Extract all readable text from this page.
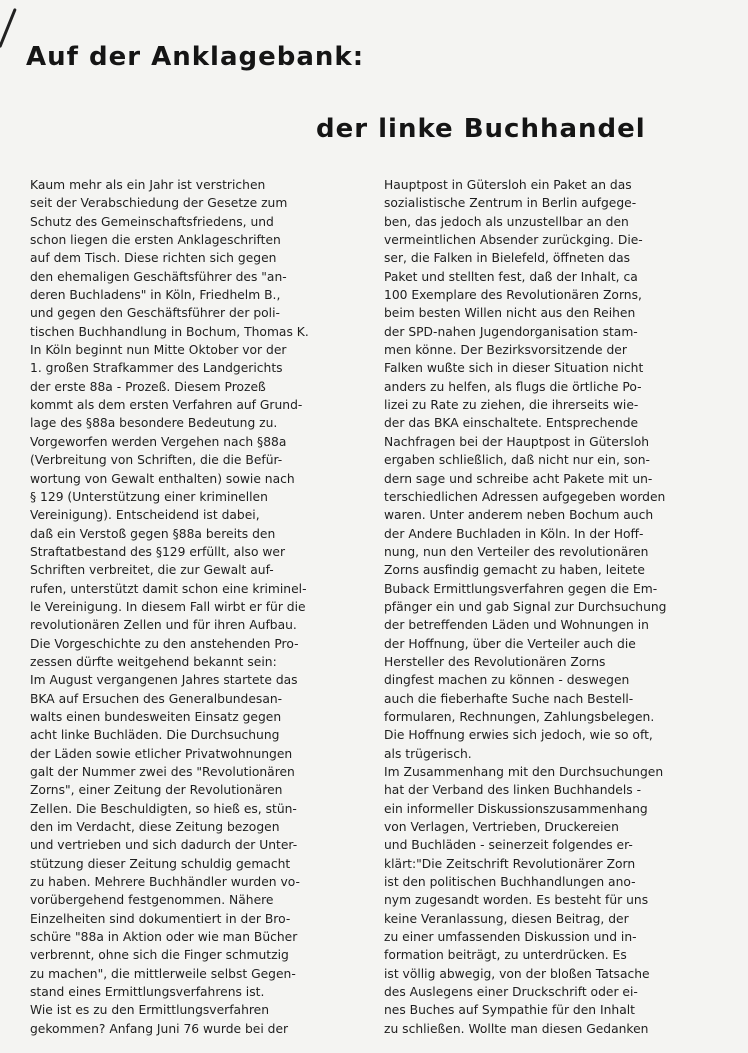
Auf der Anklagebank:
der linke Buchhandel
Kaum mehr als ein Jahr ist verstrichen
seit der Verabschiedung der Gesetze zum
Schutz des Gemeinschaftsfriedens, und
schon liegen die ersten Anklageschriften
auf dem Tisch. Diese richten sich gegen
den ehemaligen Geschäftsführer des "an-
deren Buchladens" in Köln, Friedhelm B.,
und gegen den Geschäftsführer der poli-
tischen Buchhandlung in Bochum, Thomas K.
In Köln beginnt nun Mitte Oktober vor der
1. großen Strafkammer des Landgerichts
der erste 88a - Prozeß. Diesem Prozeß
kommt als dem ersten Verfahren auf Grund-
lage des §88a besondere Bedeutung zu.
Vorgeworfen werden Vergehen nach §88a
(Verbreitung von Schriften, die die Befür-
wortung von Gewalt enthalten) sowie nach
§ 129 (Unterstützung einer kriminellen
Vereinigung). Entscheidend ist dabei,
daß ein Verstoß gegen §88a bereits den
Straftatbestand des §129 erfüllt, also wer
Schriften verbreitet, die zur Gewalt auf-
rufen, unterstützt damit schon eine kriminel-
le Vereinigung. In diesem Fall wirbt er für die
revolutionären Zellen und für ihren Aufbau.
Die Vorgeschichte zu den anstehenden Pro-
zessen dürfte weitgehend bekannt sein:
Im August vergangenen Jahres startete das
BKA auf Ersuchen des Generalbundesan-
walts einen bundesweiten Einsatz gegen
acht linke Buchläden. Die Durchsuchung
der Läden sowie etlicher Privatwohnungen
galt der Nummer zwei des "Revolutionären
Zorns", einer Zeitung der Revolutionären
Zellen. Die Beschuldigten, so hieß es, stün-
den im Verdacht, diese Zeitung bezogen
und vertrieben und sich dadurch der Unter-
stützung dieser Zeitung schuldig gemacht
zu haben. Mehrere Buchhändler wurden vo-
vorübergehend festgenommen. Nähere
Einzelheiten sind dokumentiert in der Bro-
schüre "88a in Aktion oder wie man Bücher
verbrennt, ohne sich die Finger schmutzig
zu machen", die mittlerweile selbst Gegen-
stand eines Ermittlungsverfahrens ist.
Wie ist es zu den Ermittlungsverfahren
gekommen? Anfang Juni 76 wurde bei der
Hauptpost in Gütersloh ein Paket an das
sozialistische Zentrum in Berlin aufgege-
ben, das jedoch als unzustellbar an den
vermeintlichen Absender zurückging. Die-
ser, die Falken in Bielefeld, öffneten das
Paket und stellten fest, daß der Inhalt, ca
100 Exemplare des Revolutionären Zorns,
beim besten Willen nicht aus den Reihen
der SPD-nahen Jugendorganisation stam-
men könne. Der Bezirksvorsitzende der
Falken wußte sich in dieser Situation nicht
anders zu helfen, als flugs die örtliche Po-
lizei zu Rate zu ziehen, die ihrerseits wie-
der das BKA einschaltete. Entsprechende
Nachfragen bei der Hauptpost in Gütersloh
ergaben schließlich, daß nicht nur ein, son-
dern sage und schreibe acht Pakete mit un-
terschiedlichen Adressen aufgegeben worden
waren. Unter anderem neben Bochum auch
der Andere Buchladen in Köln. In der Hoff-
nung, nun den Verteiler des revolutionären
Zorns ausfindig gemacht zu haben, leitete
Buback Ermittlungsverfahren gegen die Em-
pfänger ein und gab Signal zur Durchsuchung
der betreffenden Läden und Wohnungen in
der Hoffnung, über die Verteiler auch die
Hersteller des Revolutionären Zorns
dingfest machen zu können - deswegen
auch die fieberhafte Suche nach Bestell-
formularen, Rechnungen, Zahlungsbelegen.
Die Hoffnung erwies sich jedoch, wie so oft,
als trügerisch.
Im Zusammenhang mit den Durchsuchungen
hat der Verband des linken Buchhandels -
ein informeller Diskussionszusammenhang
von Verlagen, Vertrieben, Druckereien
und Buchläden - seinerzeit folgendes er-
klärt:"Die Zeitschrift Revolutionärer Zorn
ist den politischen Buchhandlungen ano-
nym zugesandt worden. Es besteht für uns
keine Veranlassung, diesen Beitrag, der
zu einer umfassenden Diskussion und in-
formation beiträgt, zu unterdrücken. Es
ist völlig abwegig, von der bloßen Tatsache
des Auslegens einer Druckschrift oder ei-
nes Buches auf Sympathie für den Inhalt
zu schließen. Wollte man diesen Gedanken
